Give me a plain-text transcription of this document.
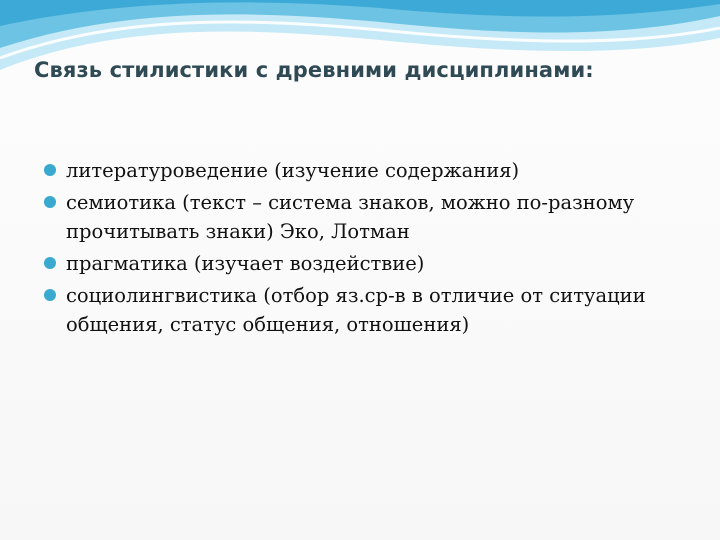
Связь стилистики с древними дисциплинами:
литературоведение (изучение содержания)
семиотика (текст – система знаков, можно по-разному прочитывать знаки) Эко, Лотман
прагматика (изучает воздействие)
социолингвистика (отбор яз.ср-в в отличие от ситуации общения, статус общения, отношения)
